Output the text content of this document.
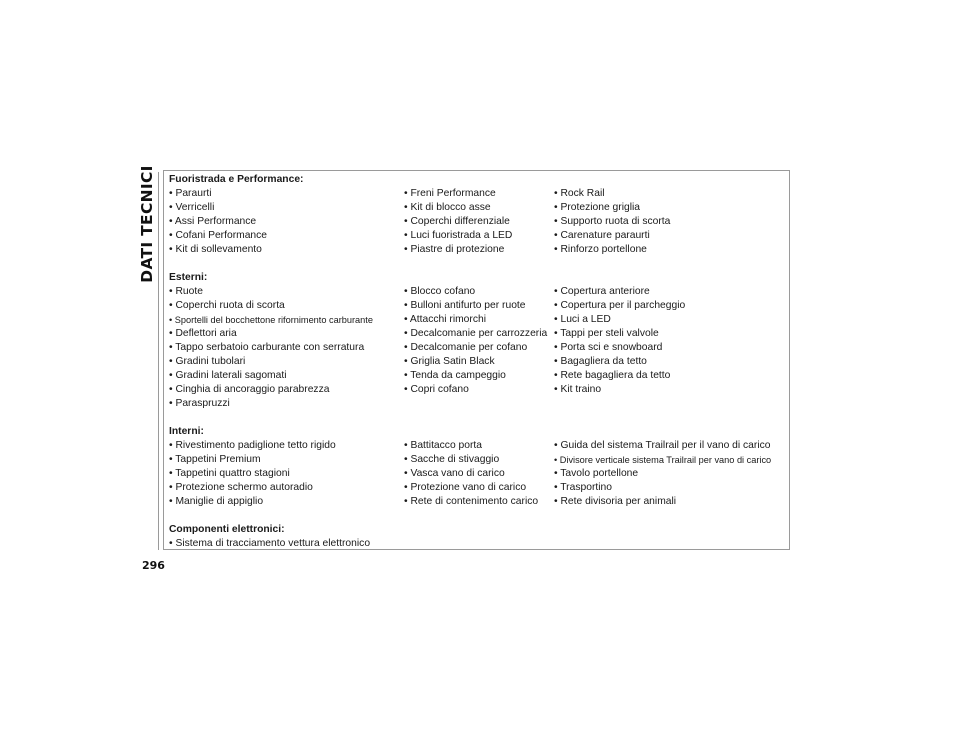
DATI TECNICI
296
Fuoristrada e Performance:
• Paraurti	• Freni Performance	• Rock Rail
• Verricelli	• Kit di blocco asse	• Protezione griglia
• Assi Performance	• Coperchi differenziale	• Supporto ruota di scorta
• Cofani Performance	• Luci fuoristrada a LED	• Carenature paraurti
• Kit di sollevamento	• Piastre di protezione	• Rinforzo portellone
Esterni:
• Ruote	• Blocco cofano	• Copertura anteriore
• Coperchi ruota di scorta	• Bulloni antifurto per ruote	• Copertura per il parcheggio
• Sportelli del bocchettone rifornimento carburante	• Attacchi rimorchi	• Luci a LED
• Deflettori aria	• Decalcomanie per carrozzeria • Tappi per steli valvole
• Tappo serbatoio carburante con serratura	• Decalcomanie per cofano	• Porta sci e snowboard
• Gradini tubolari	• Griglia Satin Black	• Bagagliera da tetto
• Gradini laterali sagomati	• Tenda da campeggio	• Rete bagagliera da tetto
• Cinghia di ancoraggio parabrezza	• Copri cofano	• Kit traino
• Paraspruzzi
Interni:
• Rivestimento padiglione tetto rigido	• Battitacco porta	• Guida del sistema Trailrail per il vano di carico
• Tappetini Premium	• Sacche di stivaggio	• Divisore verticale sistema Trailrail per vano di carico
• Tappetini quattro stagioni	• Vasca vano di carico	• Tavolo portellone
• Protezione schermo autoradio	• Protezione vano di carico	• Trasportino
• Maniglie di appiglio	• Rete di contenimento carico	• Rete divisoria per animali
Componenti elettronici:
• Sistema di tracciamento vettura elettronico
